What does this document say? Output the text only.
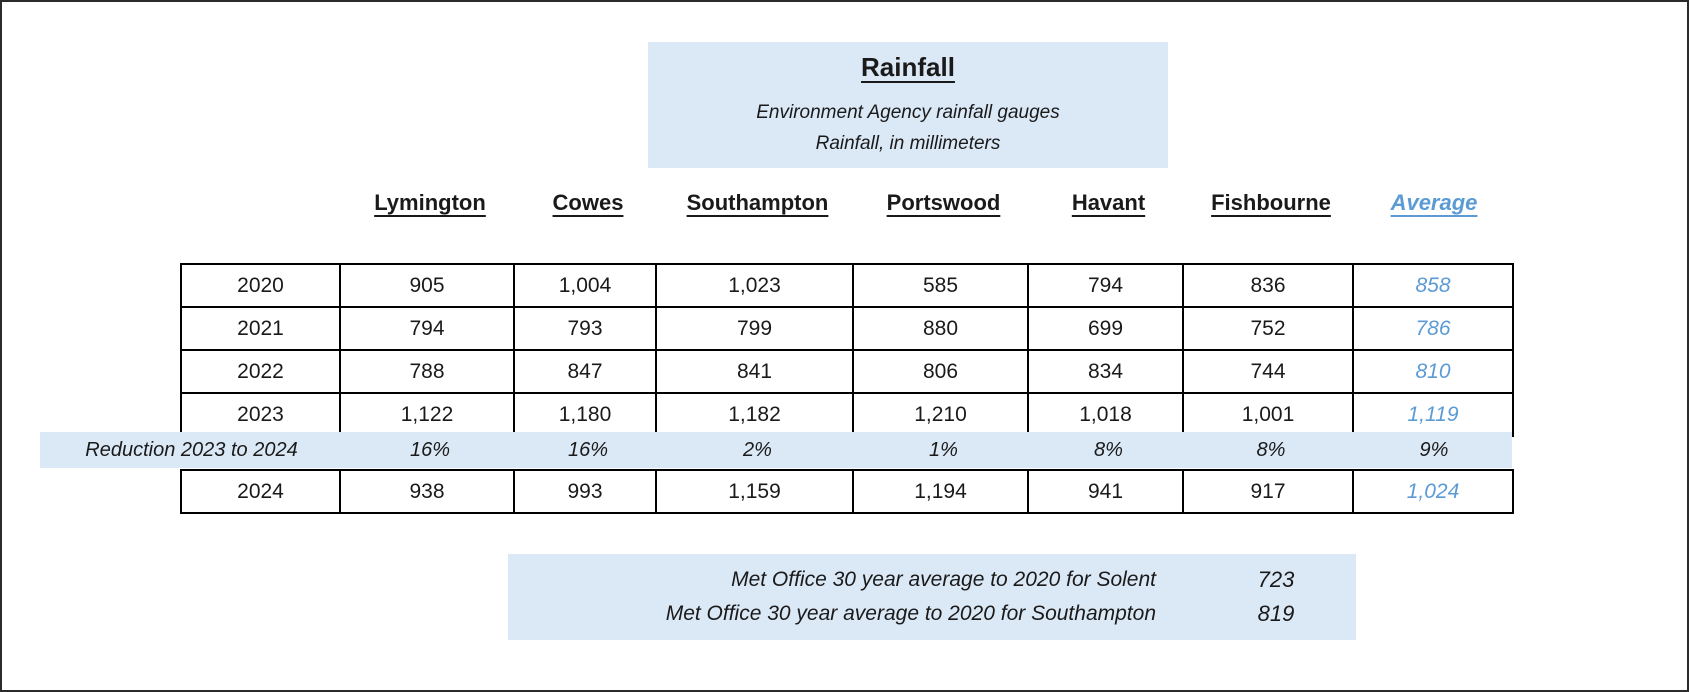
Rainfall
Environment Agency rainfall gauges
Rainfall, in millimeters
Lymington	Cowes	Southampton	Portswood	Havant	Fishbourne	Average
2020	905	1,004	1,023	585	794	836	858
2021	794	793	799	880	699	752	786
2022	788	847	841	806	834	744	810
2023	1,122	1,180	1,182	1,210	1,018	1,001	1,119
Reduction 2023 to 2024	16%	16%	2%	1%	8%	8%	9%
2024	938	993	1,159	1,194	941	917	1,024
Met Office 30 year average to 2020 for Solent	723
Met Office 30 year average to 2020 for Southampton	819
